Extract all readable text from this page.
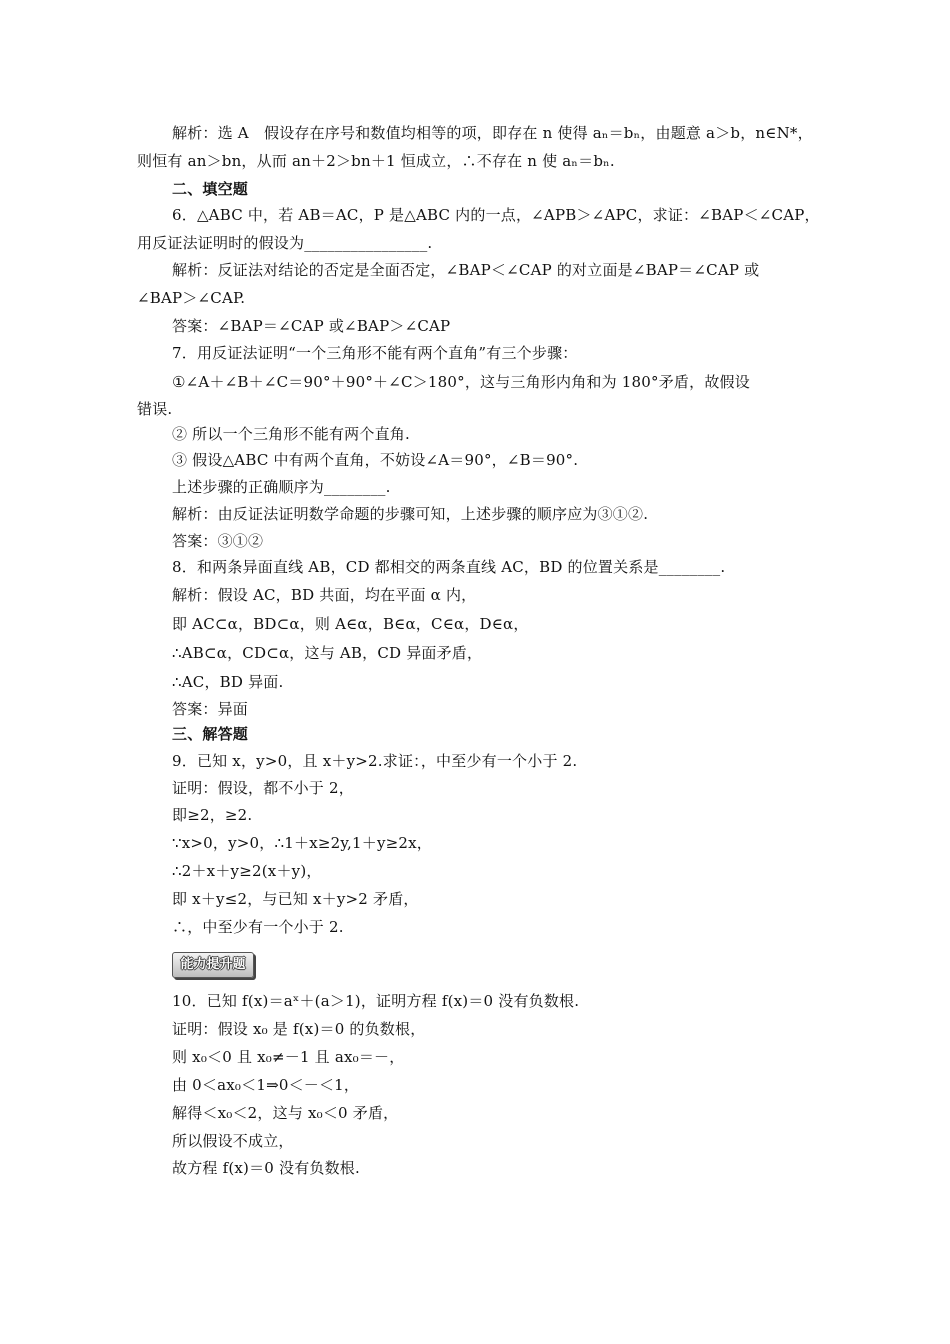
解析：选 A　假设存在序号和数值均相等的项，即存在 n 使得 aₙ＝bₙ，由题意 a＞b，n∈N*，
则恒有 an＞bn，从而 an＋2＞bn＋1 恒成立，∴不存在 n 使 aₙ＝bₙ.
二、填空题
6．△ABC 中，若 AB＝AC，P 是△ABC 内的一点，∠APB＞∠APC，求证：∠BAP＜∠CAP，
用反证法证明时的假设为________________.
解析：反证法对结论的否定是全面否定，∠BAP＜∠CAP 的对立面是∠BAP＝∠CAP 或
∠BAP＞∠CAP.
答案：∠BAP＝∠CAP 或∠BAP＞∠CAP
7．用反证法证明“一个三角形不能有两个直角”有三个步骤：
①∠A＋∠B＋∠C＝90°＋90°＋∠C＞180°，这与三角形内角和为 180°矛盾，故假设
错误.
② 所以一个三角形不能有两个直角.
③ 假设△ABC 中有两个直角，不妨设∠A＝90°，∠B＝90°.
上述步骤的正确顺序为________.
解析：由反证法证明数学命题的步骤可知，上述步骤的顺序应为③①②.
答案：③①②
8．和两条异面直线 AB，CD 都相交的两条直线 AC，BD 的位置关系是________.
解析：假设 AC，BD 共面，均在平面 α 内，
即 AC⊂α，BD⊂α，则 A∈α，B∈α，C∈α，D∈α，
∴AB⊂α，CD⊂α，这与 AB，CD 异面矛盾，
∴AC，BD 异面.
答案：异面
三、解答题
9．已知 x，y>0，且 x＋y>2.求证：，中至少有一个小于 2.
证明：假设，都不小于 2，
即≥2，≥2.
∵x>0，y>0，∴1＋x≥2y,1＋y≥2x，
∴2＋x＋y≥2(x＋y)，
即 x＋y≤2，与已知 x＋y>2 矛盾，
∴，中至少有一个小于 2.
能力提升题
10．已知 f(x)＝aˣ＋(a＞1)，证明方程 f(x)＝0 没有负数根.
证明：假设 x₀ 是 f(x)＝0 的负数根，
则 x₀＜0 且 x₀≠－1 且 ax₀＝－，
由 0＜ax₀＜1⇒0＜－＜1，
解得＜x₀＜2，这与 x₀＜0 矛盾，
所以假设不成立，
故方程 f(x)＝0 没有负数根.
